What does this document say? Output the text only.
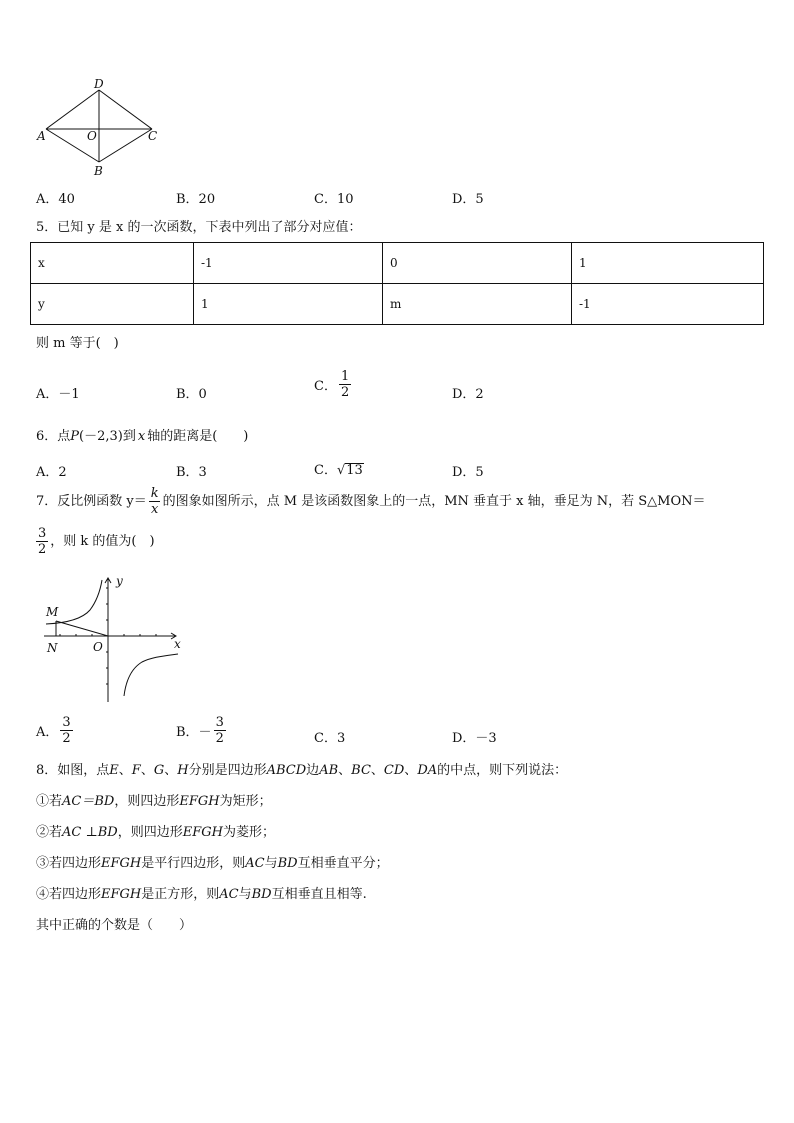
D
A	O	C
B
A．40	B．20	C．10	D．5
5．已知 y 是 x 的一次函数，下表中列出了部分对应值：
x	-1	0	1
y	1	m	-1
则 m 等于(　)
A．－1	B．0
C． $\frac{1}{2}$	D．2
6．点P(－2,3)到 x 轴的距离是(　　)
A．2	B．3	C．√13	D．5
7．反比例函数 $y= \frac{k}{x}$ 的图象如图所示，点 M 是该函数图象上的一点，MN 垂直于 x 轴，垂足为 N，若 S△MON＝
$\frac{3}{2}$ ，则 k 的值为(　)
y
M
N	O	x
A． $\frac{3}{2}$	B．－ $\frac{3}{2}$	C．3	D．－3
8．如图，点E、F、G、H分别是四边形ABCD边AB、BC、CD、DA的中点，则下列说法：
①若AC＝BD，则四边形EFGH为矩形；
②若AC ⊥BD，则四边形EFGH为菱形；
③若四边形EFGH是平行四边形，则AC与BD互相垂直平分；
④若四边形EFGH是正方形，则AC与BD互相垂直且相等.
其中正确的个数是（　　）
